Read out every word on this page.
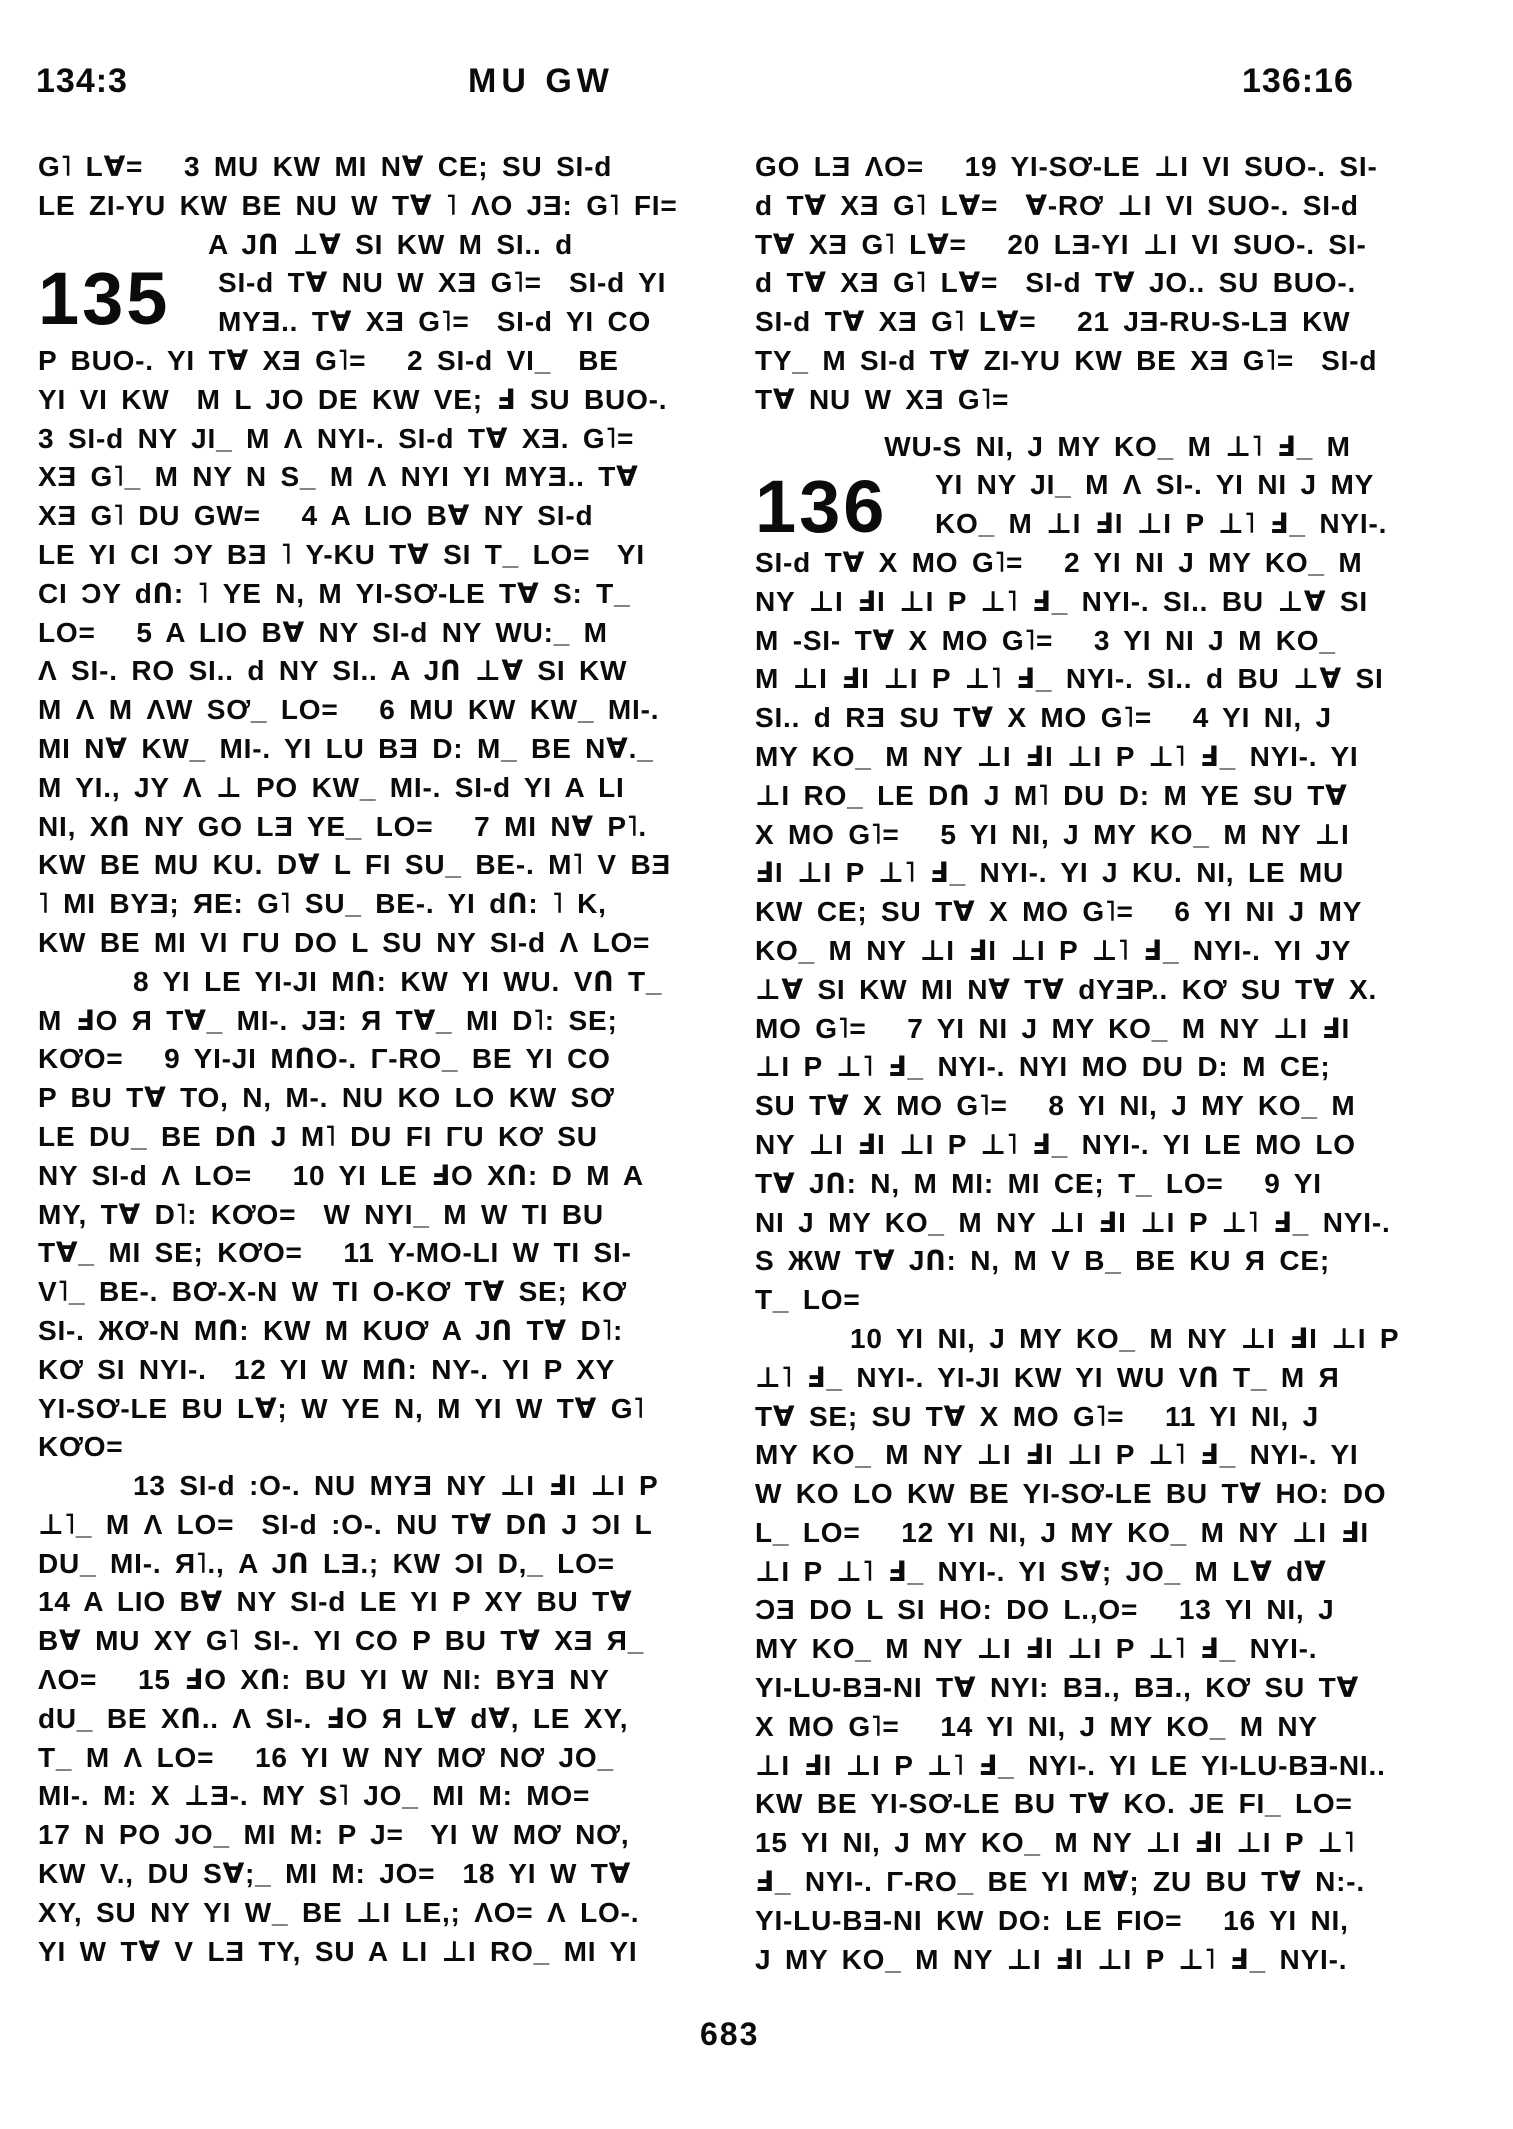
134:3	MU GW	136:16
G˥ L∀=   3 MU KW MI N∀ CE; SU SI-d
LE ZI-YU KW BE NU W T∀ ˥ ΛO JƎ: G˥ FI=
A JՈ ⊥∀ SI KW M SI.. d
135	SI-d T∀ NU W XƎ G˥=  SI-d YI
MYƎ.. T∀ XƎ G˥=  SI-d YI CO
P BUO-. YI T∀ XƎ G˥=   2 SI-d VI_  BE
YI VI KW  M L JO DE KW VE; Ⅎ SU BUO-.
3 SI-d NY JI_ M Λ NYI-. SI-d T∀ XƎ. G˥=
XƎ G˥_ M NY N S_ M Λ NYI YI MYƎ.. T∀
XƎ G˥ DU GW=   4 A LIO B∀ NY SI-d
LE YI CI ƆY BƎ ˥ Y-KU T∀ SI T_ LO=  YI
CI ƆY dՈ: ˥ YE N, M YI-SƠ-LE T∀ S: T_
LO=   5 A LIO B∀ NY SI-d NY WU:_ M
Λ SI-. RO SI.. d NY SI.. A JՈ ⊥∀ SI KW
M Λ M ΛW SƠ_ LO=   6 MU KW KW_ MI-.
MI N∀ KW_ MI-. YI LU BƎ D: M_ BE N∀._
M YI., JY Λ ⊥ PO KW_ MI-. SI-d YI A LI
NI, XՈ NY GO LƎ YE_ LO=   7 MI N∀ P˥.
KW BE MU KU. D∀ L FI SU_ BE-. M˥ V BƎ
˥ MI BYƎ; ЯE: G˥ SU_ BE-. YI dՈ: ˥ K,
KW BE MI VI ΓU DO L SU NY SI-d Λ LO=
8 YI LE YI-JI MՈ: KW YI WU. VՈ T_
M ℲO Я T∀_ MI-. JƎ: Я T∀_ MI D˥: SE;
KƠO=   9 YI-JI MՈO-. Γ-RO_ BE YI CO
P BU T∀ TO, N, M-. NU KO LO KW SƠ
LE DU_ BE DՈ J M˥ DU FI ΓU KƠ SU
NY SI-d Λ LO=   10 YI LE ℲO XՈ: D M A
MY, T∀ D˥: KƠO=  W NYI_ M W TI BU
T∀_ MI SE; KƠO=   11 Y-MO-LI W TI SI-
V˥_ BE-. BƠ-X-N W TI O-KƠ T∀ SE; KƠ
SI-. ЖƠ-N MՈ: KW M KUƠ A JՈ T∀ D˥:
KƠ SI NYI-.  12 YI W MՈ: NY-. YI P XY
YI-SƠ-LE BU L∀; W YE N, M YI W T∀ G˥
KƠO=
13 SI-d :O-. NU MYƎ NY ⊥I ℲI ⊥I P
⊥˥_ M Λ LO=  SI-d :O-. NU T∀ DՈ J ƆI L
DU_ MI-. Я˥., A JՈ LƎ.; KW ƆI D,_ LO=
14 A LIO B∀ NY SI-d LE YI P XY BU T∀
B∀ MU XY G˥ SI-. YI CO P BU T∀ XƎ Я_
ΛO=   15 ℲO XՈ: BU YI W NI: BYƎ NY
dU_ BE XՈ.. Λ SI-. ℲO Я L∀ d∀, LE XY,
T_ M Λ LO=   16 YI W NY MƠ NƠ JO_
MI-. M: X ⊥Ǝ-. MY S˥ JO_ MI M: MO=
17 N PO JO_ MI M: P J=  YI W MƠ NƠ,
KW V., DU S∀;_ MI M: JO=  18 YI W T∀
XY, SU NY YI W_ BE ⊥I LE,; ΛO= Λ LO-.
YI W T∀ V LƎ TY, SU A LI ⊥I RO_ MI YI
GO LƎ ΛO=   19 YI-SƠ-LE ⊥I VI SUO-. SI-
d T∀ XƎ G˥ L∀=  ∀-RƠ ⊥I VI SUO-. SI-d
T∀ XƎ G˥ L∀=   20 LƎ-YI ⊥I VI SUO-. SI-
d T∀ XƎ G˥ L∀=  SI-d T∀ JO.. SU BUO-.
SI-d T∀ XƎ G˥ L∀=   21 JƎ-RU-S-LƎ KW
TY_ M SI-d T∀ ZI-YU KW BE XƎ G˥=  SI-d
T∀ NU W XƎ G˥=
WU-S NI, J MY KO_ M ⊥˥ Ⅎ_ M
136	YI NY JI_ M Λ SI-. YI NI J MY
KO_ M ⊥I ℲI ⊥I P ⊥˥ Ⅎ_ NYI-.
SI-d T∀ X MO G˥=   2 YI NI J MY KO_ M
NY ⊥I ℲI ⊥I P ⊥˥ Ⅎ_ NYI-. SI.. BU ⊥∀ SI
M -SI- T∀ X MO G˥=   3 YI NI J M KO_
M ⊥I ℲI ⊥I P ⊥˥ Ⅎ_ NYI-. SI.. d BU ⊥∀ SI
SI.. d RƎ SU T∀ X MO G˥=   4 YI NI, J
MY KO_ M NY ⊥I ℲI ⊥I P ⊥˥ Ⅎ_ NYI-. YI
⊥I RO_ LE DՈ J M˥ DU D: M YE SU T∀
X MO G˥=   5 YI NI, J MY KO_ M NY ⊥I
ℲI ⊥I P ⊥˥ Ⅎ_ NYI-. YI J KU. NI, LE MU
KW CE; SU T∀ X MO G˥=   6 YI NI J MY
KO_ M NY ⊥I ℲI ⊥I P ⊥˥ Ⅎ_ NYI-. YI JY
⊥∀ SI KW MI N∀ T∀ dYƎP.. KƠ SU T∀ X.
MO G˥=   7 YI NI J MY KO_ M NY ⊥I ℲI
⊥I P ⊥˥ Ⅎ_ NYI-. NYI MO DU D: M CE;
SU T∀ X MO G˥=   8 YI NI, J MY KO_ M
NY ⊥I ℲI ⊥I P ⊥˥ Ⅎ_ NYI-. YI LE MO LO
T∀ JՈ: N, M MI: MI CE; T_ LO=   9 YI
NI J MY KO_ M NY ⊥I ℲI ⊥I P ⊥˥ Ⅎ_ NYI-.
S ЖW T∀ JՈ: N, M V B_ BE KU Я CE;
T_ LO=
10 YI NI, J MY KO_ M NY ⊥I ℲI ⊥I P
⊥˥ Ⅎ_ NYI-. YI-JI KW YI WU VՈ T_ M Я
T∀ SE; SU T∀ X MO G˥=   11 YI NI, J
MY KO_ M NY ⊥I ℲI ⊥I P ⊥˥ Ⅎ_ NYI-. YI
W KO LO KW BE YI-SƠ-LE BU T∀ HO: DO
L_ LO=   12 YI NI, J MY KO_ M NY ⊥I ℲI
⊥I P ⊥˥ Ⅎ_ NYI-. YI S∀; JO_ M L∀ d∀
ƆƎ DO L SI HO: DO L.,O=   13 YI NI, J
MY KO_ M NY ⊥I ℲI ⊥I P ⊥˥ Ⅎ_ NYI-.
YI-LU-BƎ-NI T∀ NYI: BƎ., BƎ., KƠ SU T∀
X MO G˥=   14 YI NI, J MY KO_ M NY
⊥I ℲI ⊥I P ⊥˥ Ⅎ_ NYI-. YI LE YI-LU-BƎ-NI..
KW BE YI-SƠ-LE BU T∀ KO. JE FI_ LO=
15 YI NI, J MY KO_ M NY ⊥I ℲI ⊥I P ⊥˥
Ⅎ_ NYI-. Γ-RO_ BE YI M∀; ZU BU T∀ N:-.
YI-LU-BƎ-NI KW DO: LE FIO=   16 YI NI,
J MY KO_ M NY ⊥I ℲI ⊥I P ⊥˥ Ⅎ_ NYI-.
683
